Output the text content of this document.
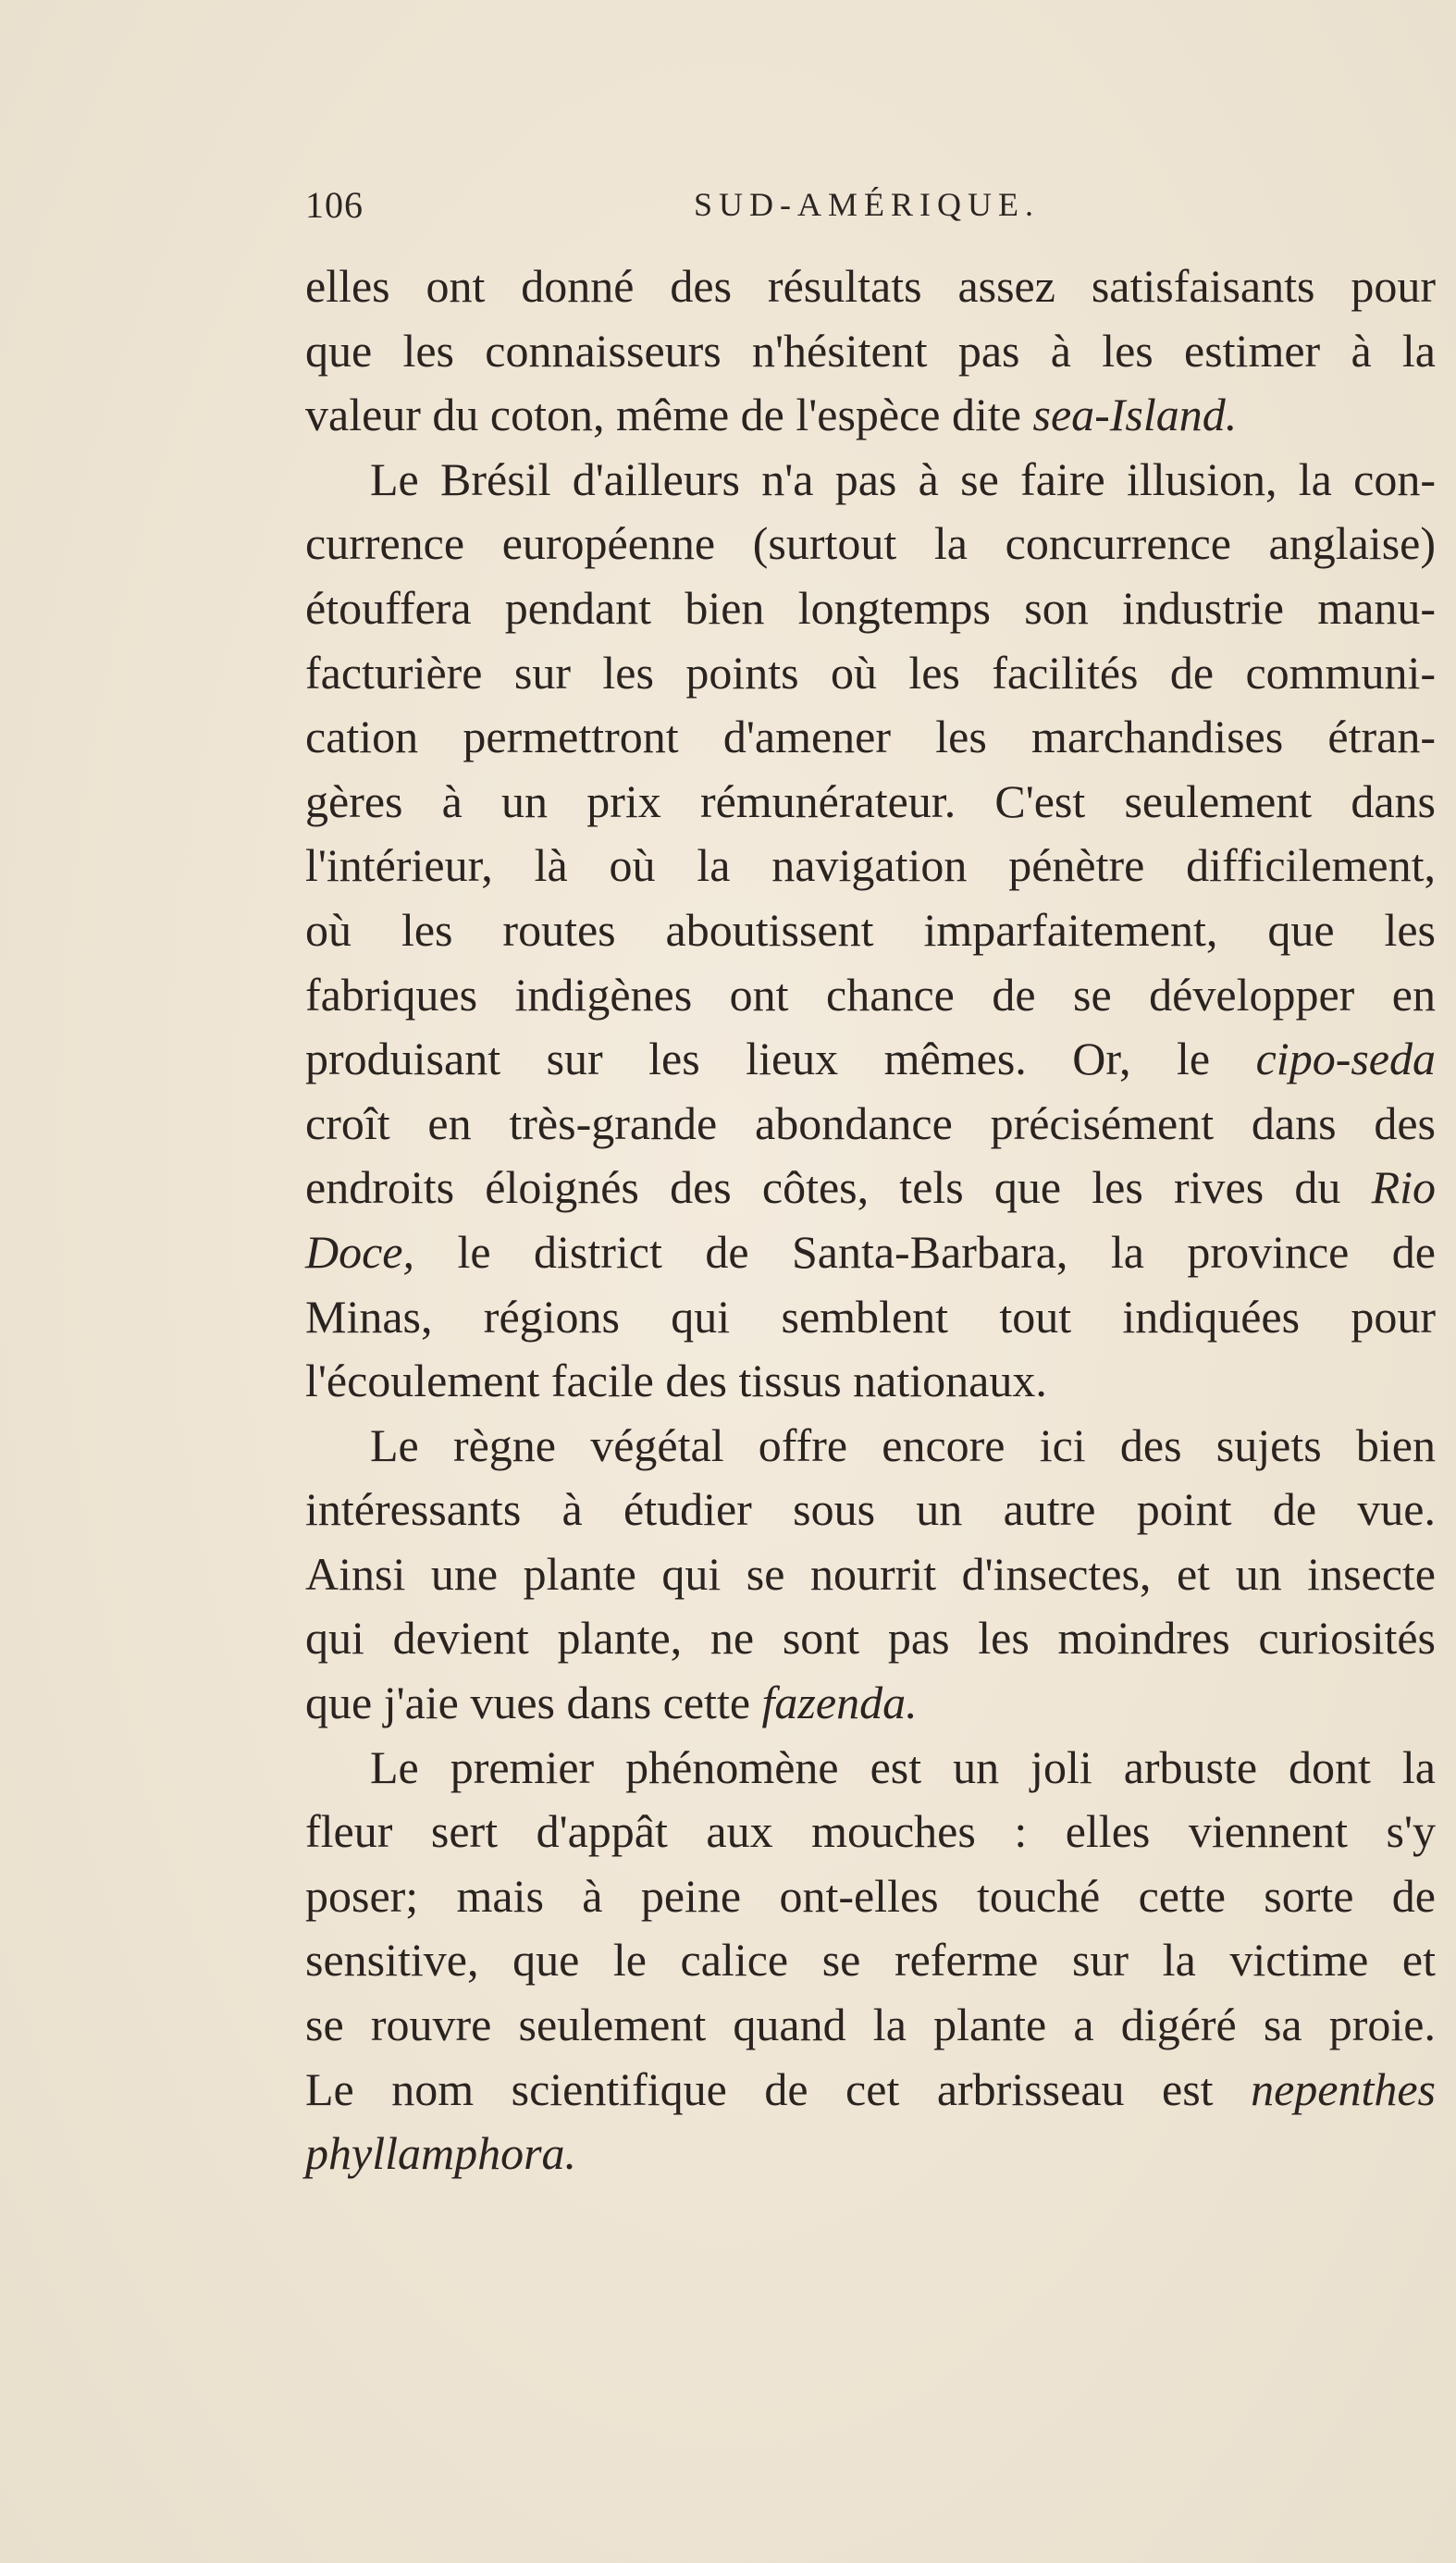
106	SUD-AMÉRIQUE.
elles ont donné des résultats assez satisfaisants pour
que les connaisseurs n'hésitent pas à les estimer à la
valeur du coton, même de l'espèce dite sea-Island.
Le Brésil d'ailleurs n'a pas à se faire illusion, la con-
currence européenne (surtout la concurrence anglaise)
étouffera pendant bien longtemps son industrie manu-
facturière sur les points où les facilités de communi-
cation permettront d'amener les marchandises étran-
gères à un prix rémunérateur. C'est seulement dans
l'intérieur, là où la navigation pénètre difficilement,
où les routes aboutissent imparfaitement, que les
fabriques indigènes ont chance de se développer en
produisant sur les lieux mêmes. Or, le cipo-seda
croît en très-grande abondance précisément dans des
endroits éloignés des côtes, tels que les rives du Rio
Doce, le district de Santa-Barbara, la province de
Minas, régions qui semblent tout indiquées pour
l'écoulement facile des tissus nationaux.
Le règne végétal offre encore ici des sujets bien
intéressants à étudier sous un autre point de vue.
Ainsi une plante qui se nourrit d'insectes, et un insecte
qui devient plante, ne sont pas les moindres curiosités
que j'aie vues dans cette fazenda.
Le premier phénomène est un joli arbuste dont la
fleur sert d'appât aux mouches : elles viennent s'y
poser; mais à peine ont-elles touché cette sorte de
sensitive, que le calice se referme sur la victime et
se rouvre seulement quand la plante a digéré sa proie.
Le nom scientifique de cet arbrisseau est nepenthes
phyllamphora.
